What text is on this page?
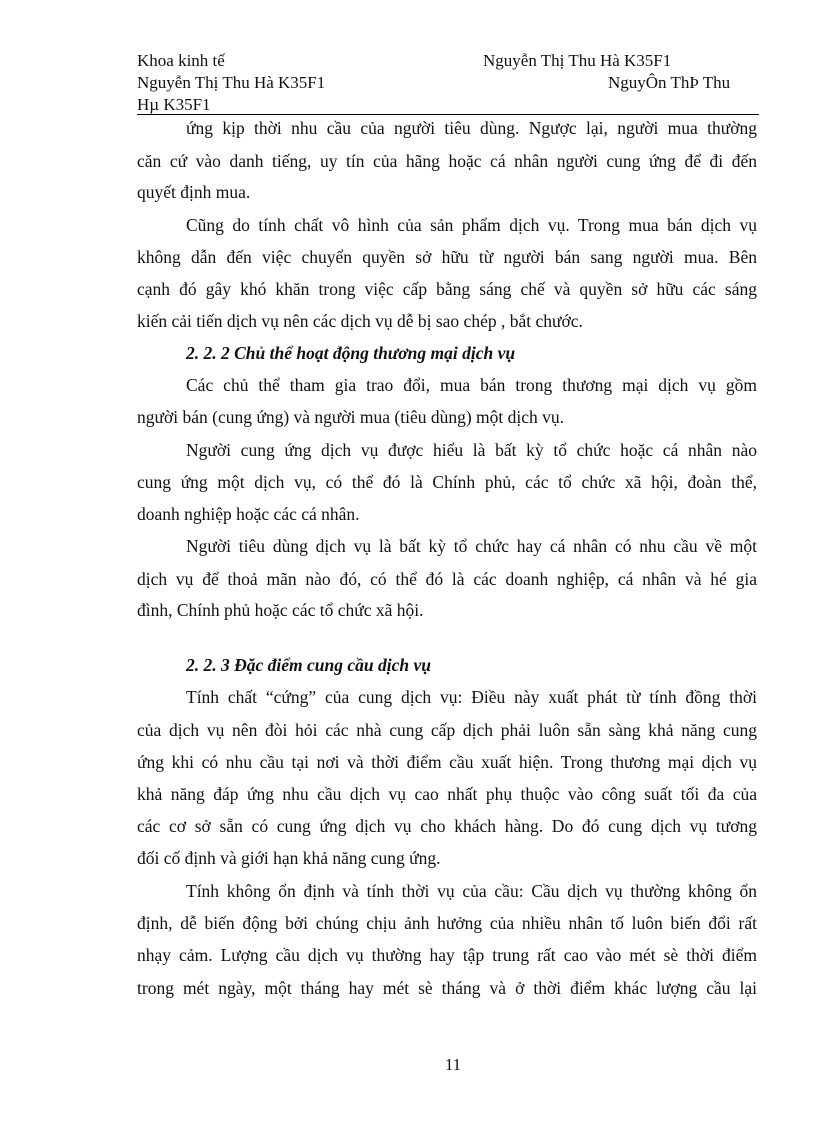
Khoa kinh tế	Nguyễn Thị Thu Hà K35F1
Nguyễn Thị Thu Hà K35F1	NguyÔn ThÞ Thu
Hµ K35F1
ứng kịp thời nhu cầu của người tiêu dùng. Ngược lại, người mua thường
căn cứ vào danh tiếng, uy tín của hãng hoặc cá nhân người cung ứng để đi đến
quyết định mua.
Cũng do tính chất vô hình của sản phẩm dịch vụ. Trong mua bán dịch vụ
không dẫn đến việc chuyển quyền sở hữu từ người bán sang người mua. Bên
cạnh đó gây khó khăn trong việc cấp bằng sáng chế và quyền sở hữu các sáng
kiến cải tiến dịch vụ nên các dịch vụ dễ bị sao chép , bắt chước.
2. 2. 2 Chủ thể hoạt động thương mại dịch vụ
Các chủ thể tham gia trao đổi, mua bán trong thương mại dịch vụ gồm
người bán (cung ứng) và người mua (tiêu dùng) một dịch vụ.
Người cung ứng dịch vụ được hiểu là bất kỳ tổ chức hoặc cá nhân nào
cung ứng một dịch vụ, có thể đó là Chính phủ, các tổ chức xã hội, đoàn thể,
doanh nghiệp hoặc các cá nhân.
Người tiêu dùng dịch vụ là bất kỳ tổ chức hay cá nhân có nhu cầu về một
dịch vụ để thoả mãn nào đó, có thể đó là các doanh nghiệp, cá nhân và hé gia
đình, Chính phủ hoặc các tổ chức xã hội.
2. 2. 3 Đặc điểm cung cầu dịch vụ
Tính chất “cứng” của cung dịch vụ: Điều này xuất phát từ tính đồng thời
của dịch vụ nên đòi hỏi các nhà cung cấp dịch phải luôn sẵn sàng khả năng cung
ứng khi có nhu cầu tại nơi và thời điểm cầu xuất hiện. Trong thương mại dịch vụ
khả năng đáp ứng nhu cầu dịch vụ cao nhất phụ thuộc vào công suất tối đa của
các cơ sở sẵn có cung ứng dịch vụ cho khách hàng. Do đó cung dịch vụ tương
đối cố định và giới hạn khả năng cung ứng.
Tính không ổn định và tính thời vụ của cầu: Cầu dịch vụ thường không ổn
định, dễ biến động bởi chúng chịu ảnh hưởng của nhiều nhân tố luôn biến đổi rất
nhạy cảm. Lượng cầu dịch vụ thường hay tập trung rất cao vào mét sè thời điểm
trong mét ngày, một tháng hay mét sè tháng và ở thời điểm khác lượng cầu lại
11
